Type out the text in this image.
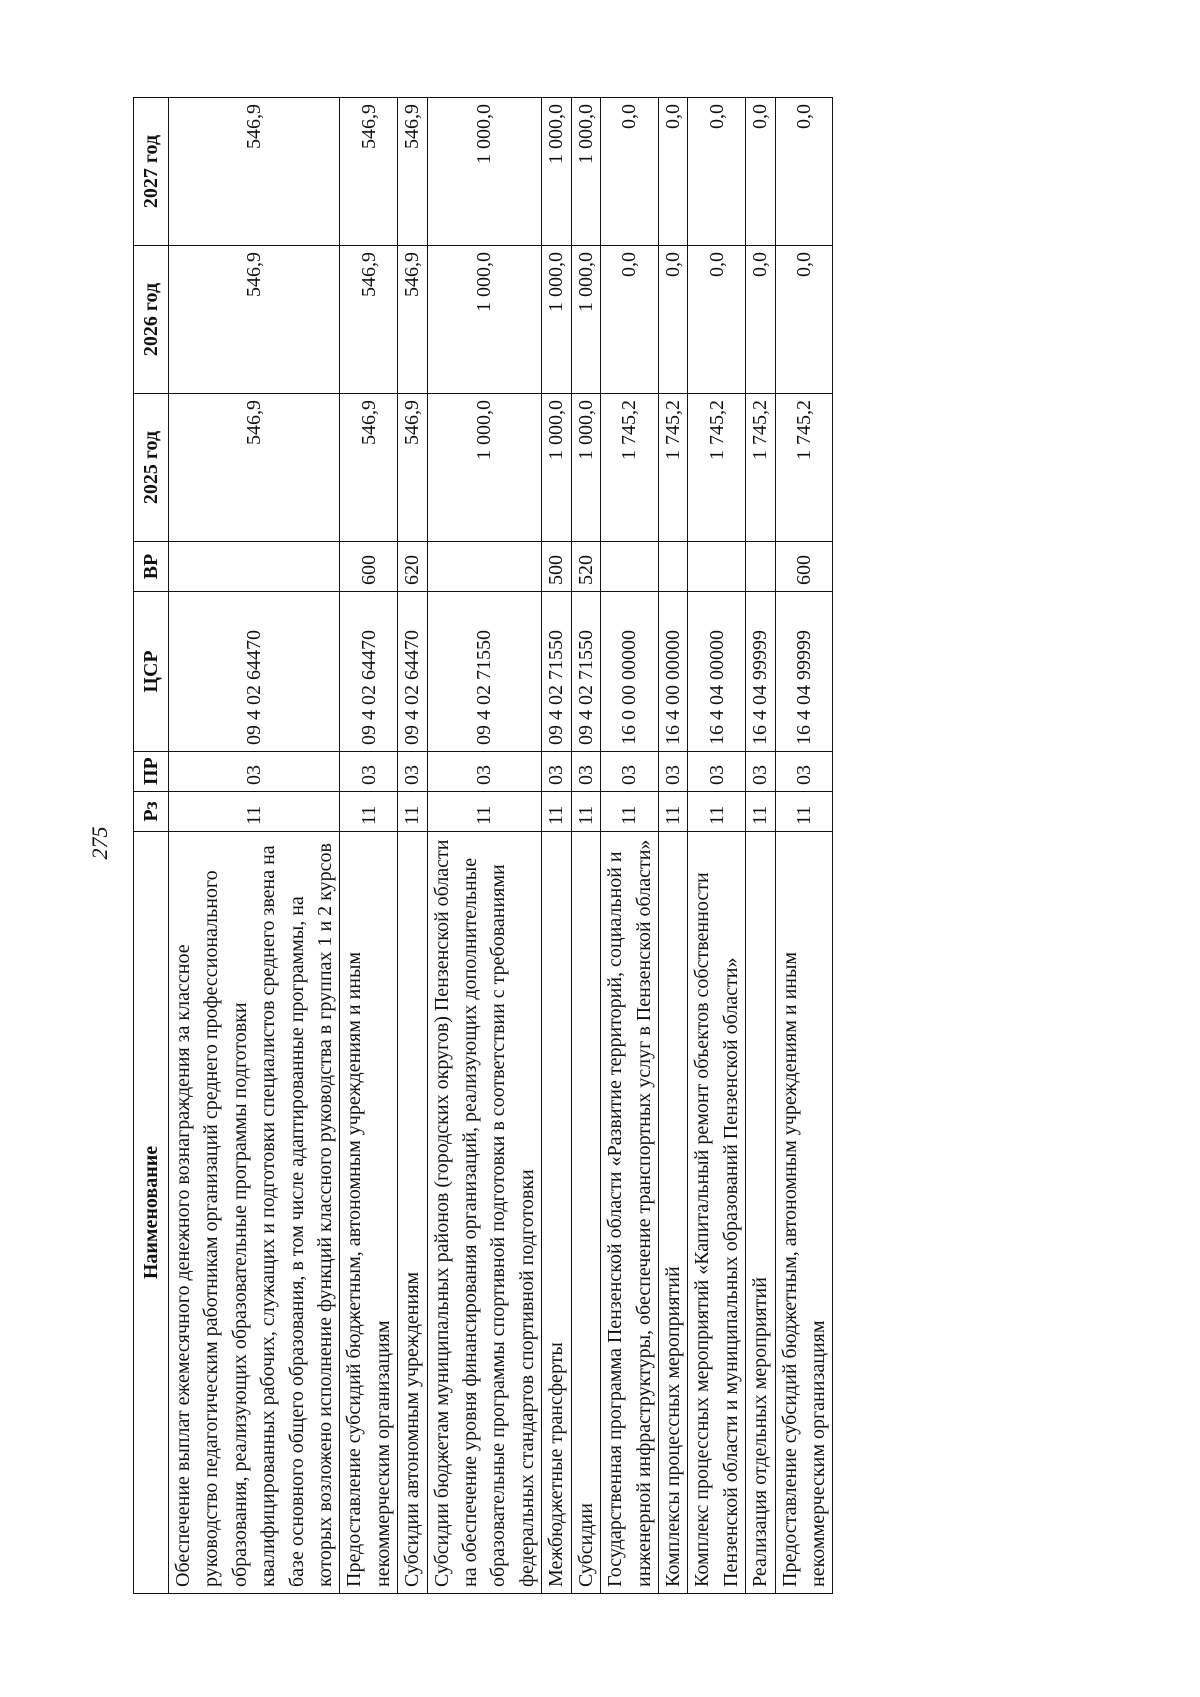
275
Наименование	Рз	ПР	ЦСР	ВР	2025 год	2026 год	2027 год
Обеспечение выплат ежемесячного денежного вознаграждения за классное руководство педагогическим работникам организаций среднего профессионального образования, реализующих образовательные программы подготовки квалифицированных рабочих, служащих и подготовки специалистов среднего звена на базе основного общего образования, в том числе адаптированные программы, на которых возложено исполнение функций классного руководства в группах 1 и 2 курсов	11	03	09 4 02 64470		546,9	546,9	546,9
Предоставление субсидий бюджетным, автономным учреждениям и иным некоммерческим организациям	11	03	09 4 02 64470	600	546,9	546,9	546,9
Субсидии автономным учреждениям	11	03	09 4 02 64470	620	546,9	546,9	546,9
Субсидии бюджетам муниципальных районов (городских округов) Пензенской области на обеспечение уровня финансирования организаций, реализующих дополнительные образовательные программы спортивной подготовки в соответствии с требованиями федеральных стандартов спортивной подготовки	11	03	09 4 02 71550		1 000,0	1 000,0	1 000,0
Межбюджетные трансферты	11	03	09 4 02 71550	500	1 000,0	1 000,0	1 000,0
Субсидии	11	03	09 4 02 71550	520	1 000,0	1 000,0	1 000,0
Государственная программа Пензенской области «Развитие территорий, социальной и инженерной инфраструктуры, обеспечение транспортных услуг в Пензенской области»	11	03	16 0 00 00000		1 745,2	0,0	0,0
Комплексы процессных мероприятий	11	03	16 4 00 00000		1 745,2	0,0	0,0
Комплекс процессных мероприятий «Капитальный ремонт объектов собственности Пензенской области и муниципальных образований Пензенской области»	11	03	16 4 04 00000		1 745,2	0,0	0,0
Реализация отдельных мероприятий	11	03	16 4 04 99999		1 745,2	0,0	0,0
Предоставление субсидий бюджетным, автономным учреждениям и иным некоммерческим организациям	11	03	16 4 04 99999	600	1 745,2	0,0	0,0
